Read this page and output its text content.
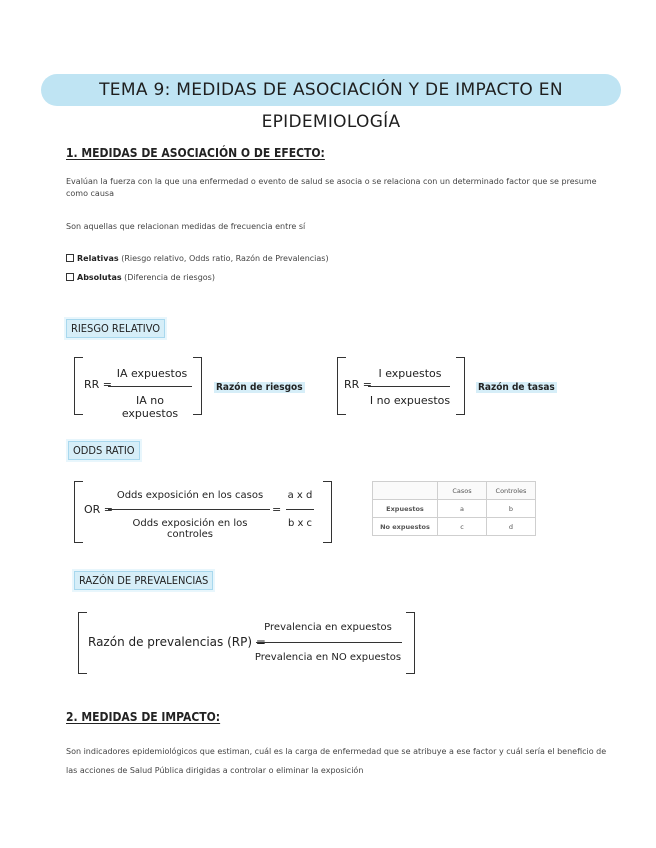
TEMA 9: MEDIDAS DE ASOCIACIÓN Y DE IMPACTO EN EPIDEMIOLOGÍA
1. MEDIDAS DE ASOCIACIÓN O DE EFECTO:
Evalúan la fuerza con la que una enfermedad o evento de salud se asocia o se relaciona con un determinado factor que se presume como causa
Son aquellas que relacionan medidas de frecuencia entre sí
Relativas (Riesgo relativo, Odds ratio, Razón de Prevalencias)
Absolutas (Diferencia de riesgos)
RIESGO RELATIVO
RR =
IA expuestos
IA no expuestos
Razón de riesgos	RR =
I expuestos
I no expuestos
Razón de tasas
ODDS RATIO
OR =
Odds exposición en los casos
Odds exposición en los controles
=
a x d
b x c
	Casos	Controles
Expuestos	a	b
No expuestos	c	d
RAZÓN DE PREVALENCIAS
Razón de prevalencias (RP) =
Prevalencia en expuestos
Prevalencia en NO expuestos
2. MEDIDAS DE IMPACTO:
Son indicadores epidemiológicos que estiman, cuál es la carga de enfermedad que se atribuye a ese factor y cuál sería el beneficio de las acciones de Salud Pública dirigidas a controlar o eliminar la exposición
